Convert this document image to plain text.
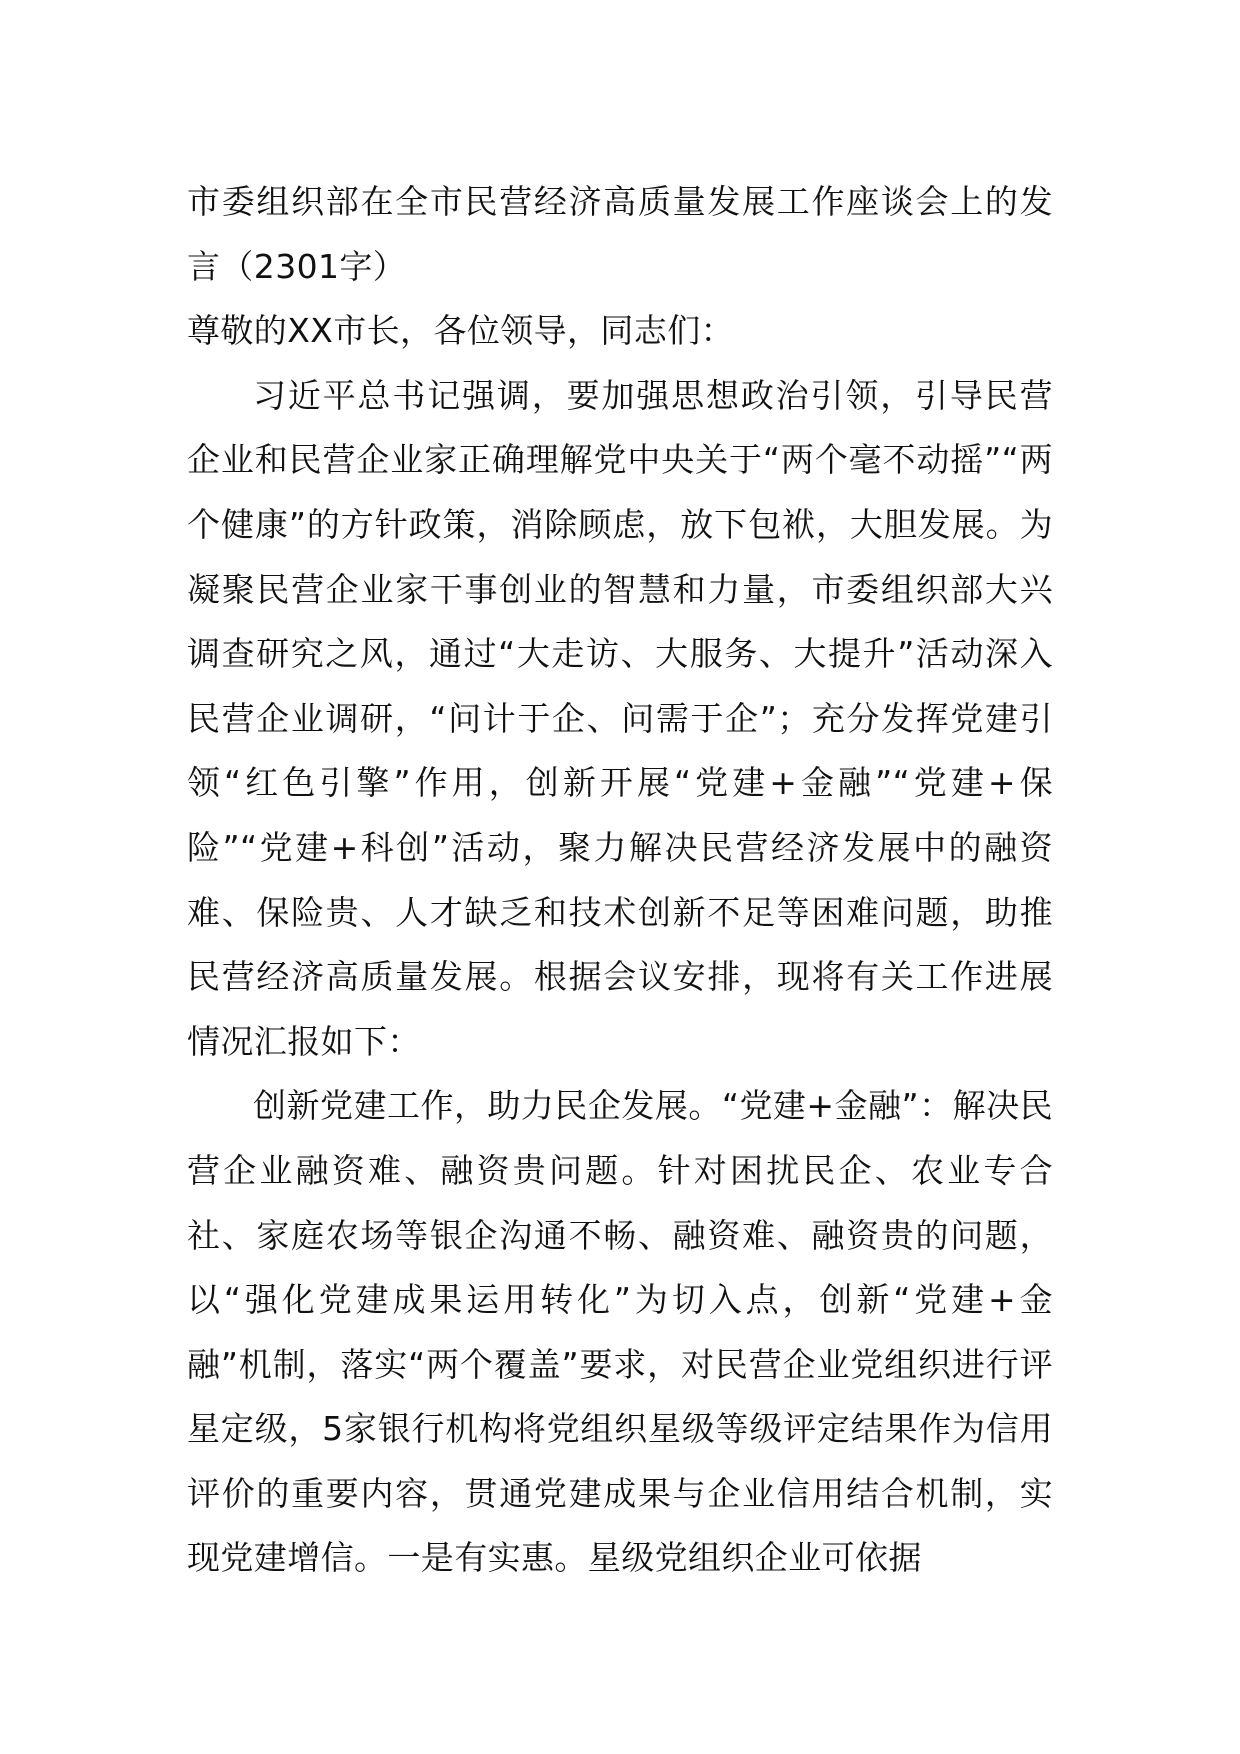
市委组织部在全市民营经济高质量发展工作座谈会上的发言（2301字）

尊敬的XX市长，各位领导，同志们：

习近平总书记强调，要加强思想政治引领，引导民营企业和民营企业家正确理解党中央关于“两个毫不动摇”“两个健康”的方针政策，消除顾虑，放下包袱，大胆发展。为凝聚民营企业家干事创业的智慧和力量，市委组织部大兴调查研究之风，通过“大走访、大服务、大提升”活动深入民营企业调研，“问计于企、问需于企”；充分发挥党建引领“红色引擎”作用，创新开展“党建+金融”“党建+保险”“党建+科创”活动，聚力解决民营经济发展中的融资难、保险贵、人才缺乏和技术创新不足等困难问题，助推民营经济高质量发展。根据会议安排，现将有关工作进展情况汇报如下：

创新党建工作，助力民企发展。“党建+金融”：解决民营企业融资难、融资贵问题。针对困扰民企、农业专合社、家庭农场等银企沟通不畅、融资难、融资贵的问题，以“强化党建成果运用转化”为切入点，创新“党建+金融”机制，落实“两个覆盖”要求，对民营企业党组织进行评星定级，5家银行机构将党组织星级等级评定结果作为信用评价的重要内容，贯通党建成果与企业信用结合机制，实现党建增信。一是有实惠。星级党组织企业可依据
